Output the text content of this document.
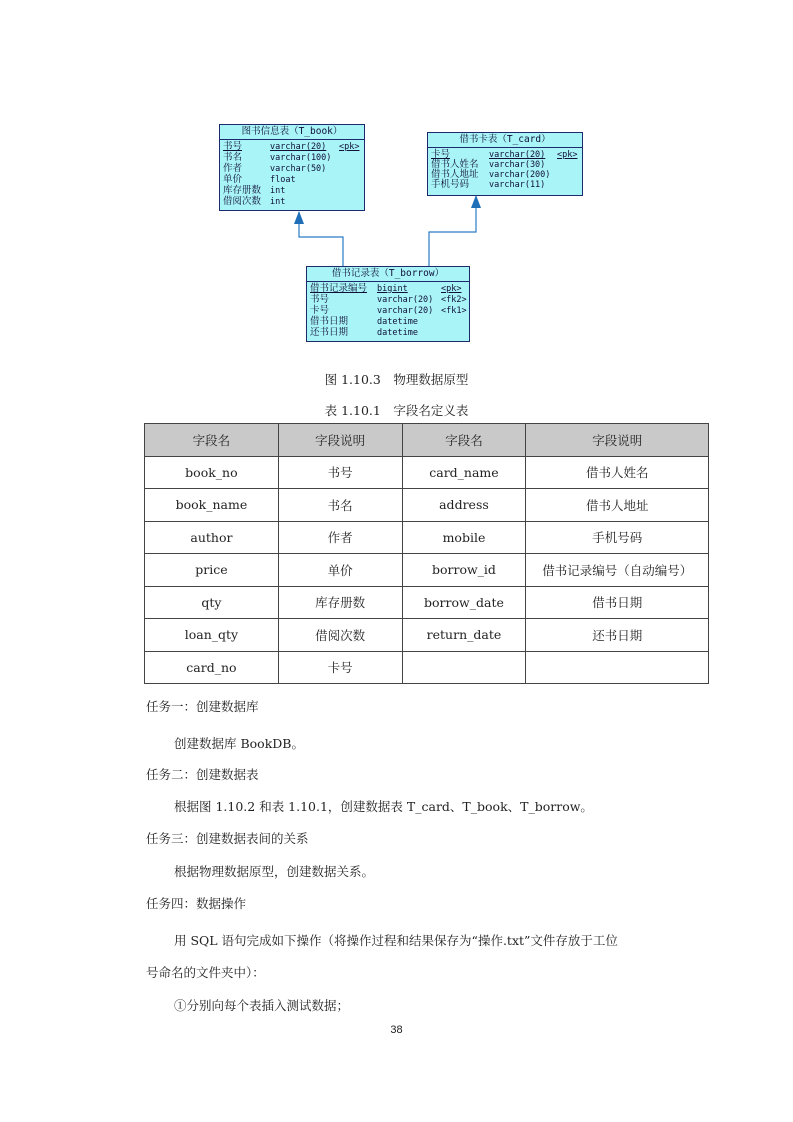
图书信息表（T_book）
书号	varchar(20) <pk>
书名	varchar(100)
作者	varchar(50)
单价	float
库存册数 int
借阅次数 int
借书卡表（T_card）
卡号	varchar(20) <pk>
借书人姓名 varchar(30)
借书人地址 varchar(200)
手机号码 varchar(11)
借书记录表（T_borrow）
借书记录编号 bigint	<pk>
书号	varchar(20) <fk2>
卡号	varchar(20) <fk1>
借书日期	datetime
还书日期	datetime
图 1.10.3　物理数据原型
表 1.10.1　字段名定义表
字段名	字段说明	字段名	字段说明
book_no	书号	card_name	借书人姓名
book_name	书名	address	借书人地址
author	作者	mobile	手机号码
price	单价	borrow_id	借书记录编号（自动编号）
qty	库存册数	borrow_date	借书日期
loan_qty	借阅次数	return_date	还书日期
card_no	卡号		
任务一：创建数据库
创建数据库 BookDB。
任务二：创建数据表
根据图 1.10.2 和表 1.10.1，创建数据表 T_card、T_book、T_borrow。
任务三：创建数据表间的关系
根据物理数据原型，创建数据关系。
任务四：数据操作
用 SQL 语句完成如下操作（将操作过程和结果保存为“操作.txt”文件存放于工位
号命名的文件夹中）：
①分别向每个表插入测试数据；
38
